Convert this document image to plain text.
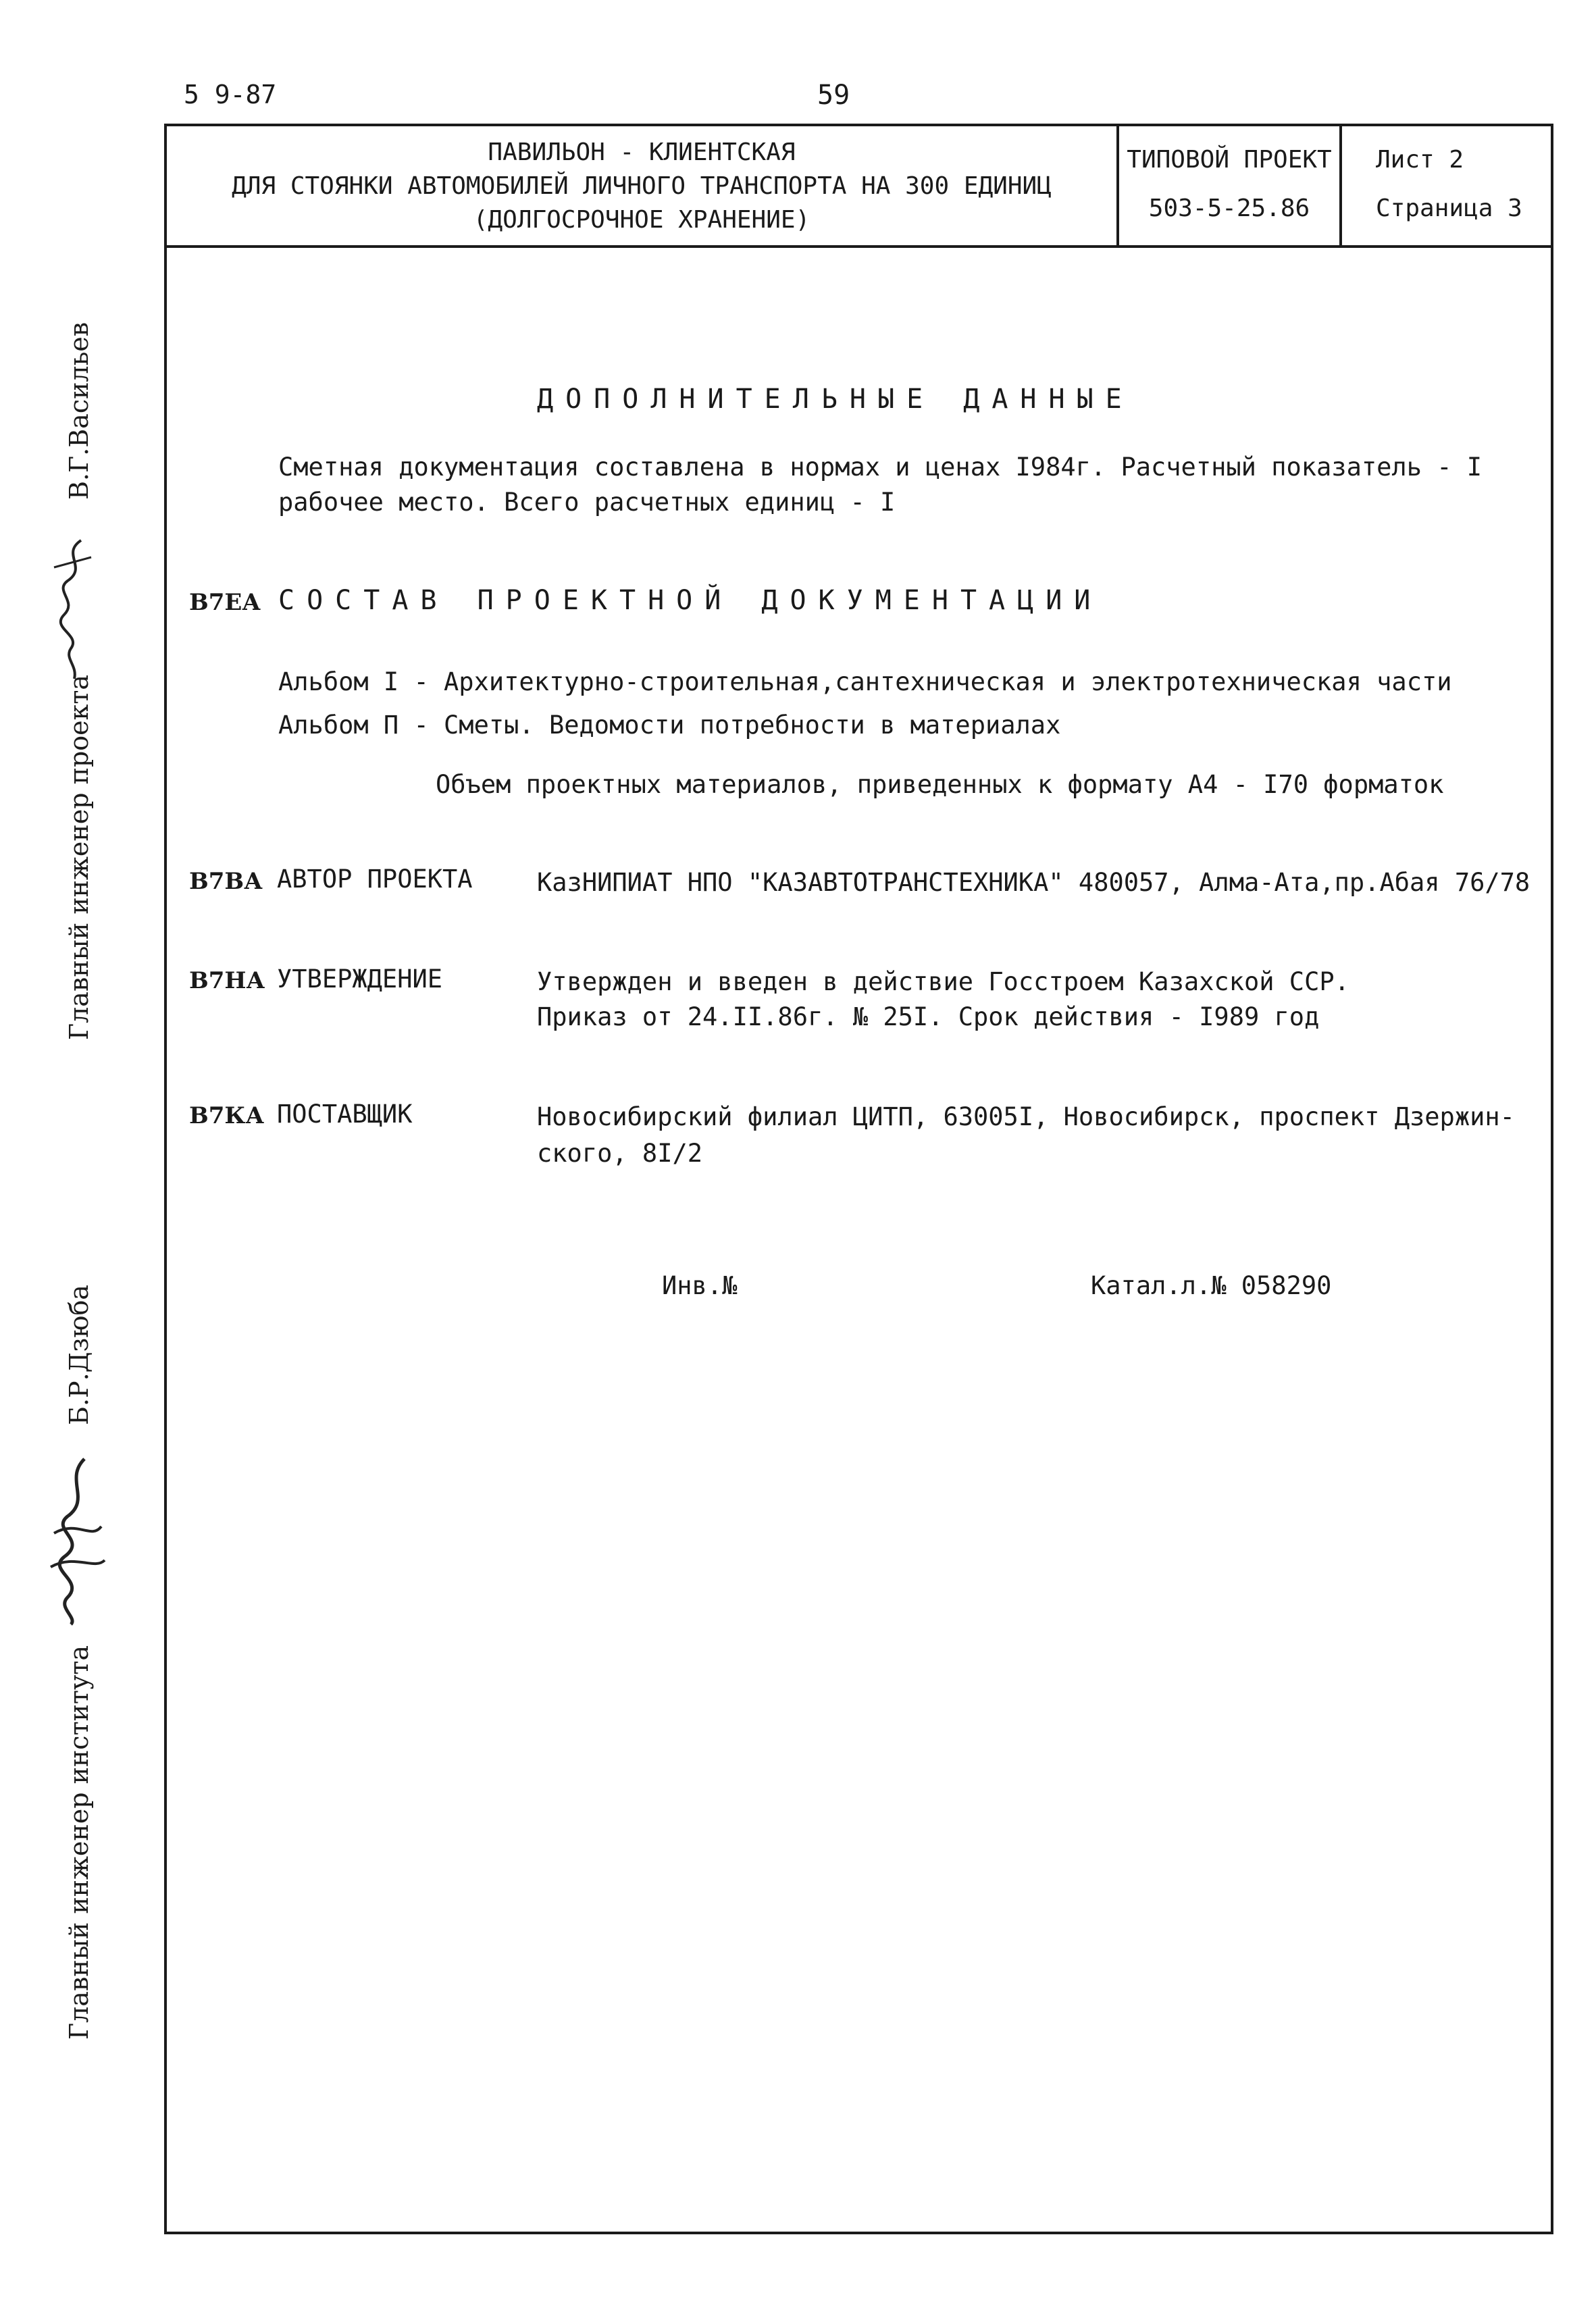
5 9-87	59
ПАВИЛЬОН - КЛИЕНТСКАЯ
ДЛЯ СТОЯНКИ АВТОМОБИЛЕЙ ЛИЧНОГО ТРАНСПОРТА НА 300 ЕДИНИЦ
(ДОЛГОСРОЧНОЕ ХРАНЕНИЕ)
ТИПОВОЙ ПРОЕКТ
503-5-25.86
Лист 2
Страница 3
ДОПОЛНИТЕЛЬНЫЕ ДАННЫЕ
Сметная документация составлена в нормах и ценах I984г. Расчетный показатель - I
рабочее место. Всего расчетных единиц - I
В7ЕА СОСТАВ ПРОЕКТНОЙ ДОКУМЕНТАЦИИ
Альбом I - Архитектурно-строительная,сантехническая и электротехническая части
Альбом П - Сметы. Ведомости потребности в материалах
Объем проектных материалов, приведенных к формату А4 - I70 форматок
В7ВА АВТОР ПРОЕКТА	КазНИПИАТ НПО "КАЗАВТОТРАНСТЕХНИКА" 480057, Алма-Ата,пр.Абая 76/78
В7НА УТВЕРЖДЕНИЕ	Утвержден и введен в действие Госстроем Казахской ССР.
Приказ от 24.II.86г. № 25I. Срок действия - I989 год
В7КА ПОСТАВЩИК	Новосибирский филиал ЦИТП, 63005I, Новосибирск, проспект Дзержин-
ского, 8I/2
Инв.№	Катал.л.№ 058290
В.Г.Васильев
Главный инженер проекта
Б.Р.Дзюба
Главный инженер института
